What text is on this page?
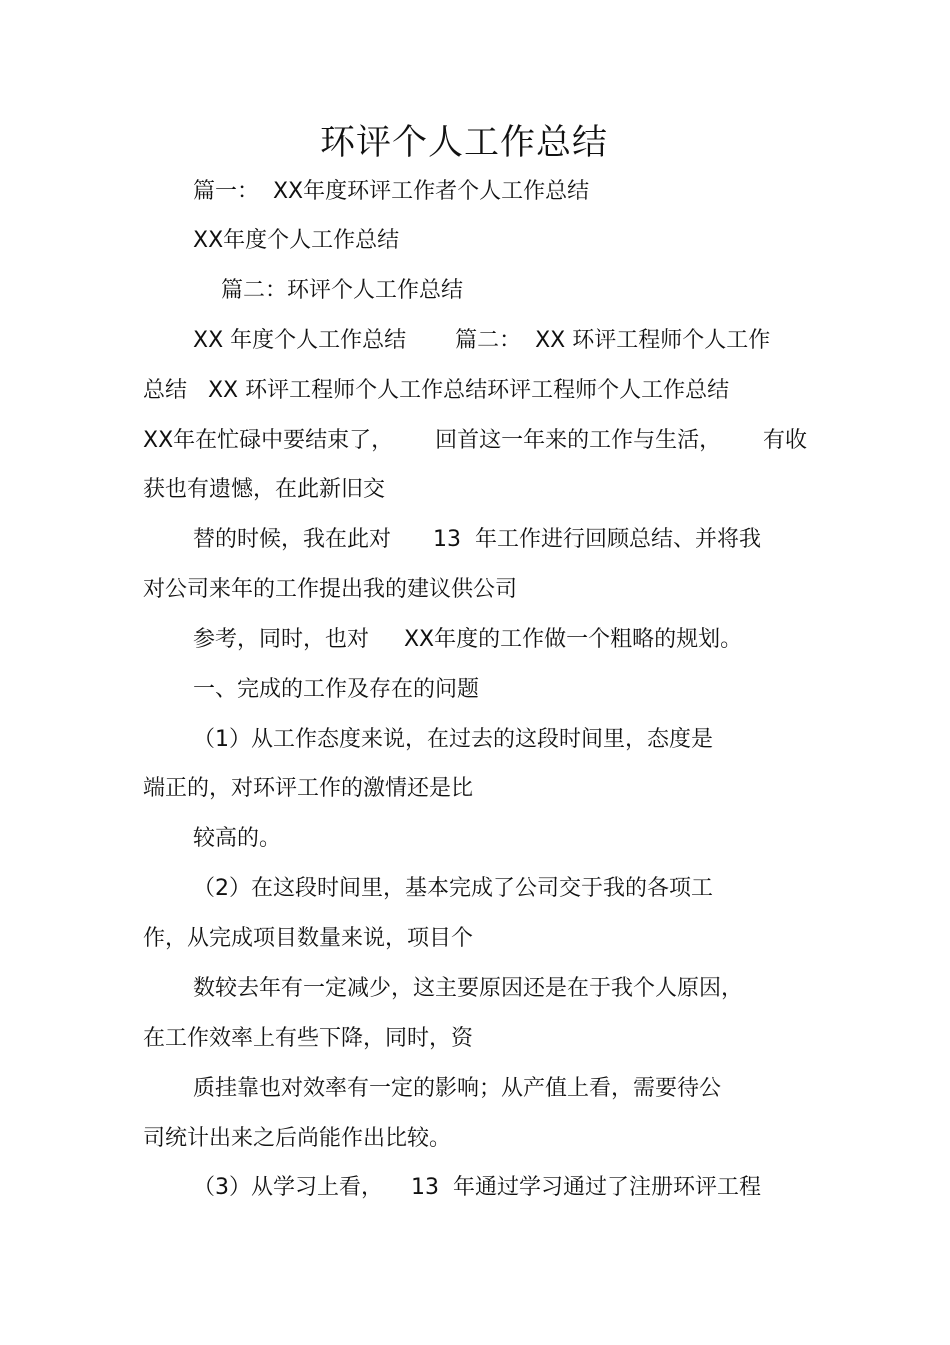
环评个人工作总结
篇一：  XX年度环评工作者个人工作总结
XX年度个人工作总结
篇二：环评个人工作总结
XX 年度个人工作总结       篇二：  XX 环评工程师个人工作
总结   XX 环评工程师个人工作总结环评工程师个人工作总结
XX年在忙碌中要结束了，      回首这一年来的工作与生活，      有收
获也有遗憾，在此新旧交
替的时候，我在此对      13  年工作进行回顾总结、并将我
对公司来年的工作提出我的建议供公司
参考，同时，也对     XX年度的工作做一个粗略的规划。
一、完成的工作及存在的问题
（1）从工作态度来说，在过去的这段时间里，态度是
端正的，对环评工作的激情还是比
较高的。
（2）在这段时间里，基本完成了公司交于我的各项工
作，从完成项目数量来说，项目个
数较去年有一定减少，这主要原因还是在于我个人原因，
在工作效率上有些下降，同时，资
质挂靠也对效率有一定的影响；从产值上看，需要待公
司统计出来之后尚能作出比较。
（3）从学习上看，    13  年通过学习通过了注册环评工程
